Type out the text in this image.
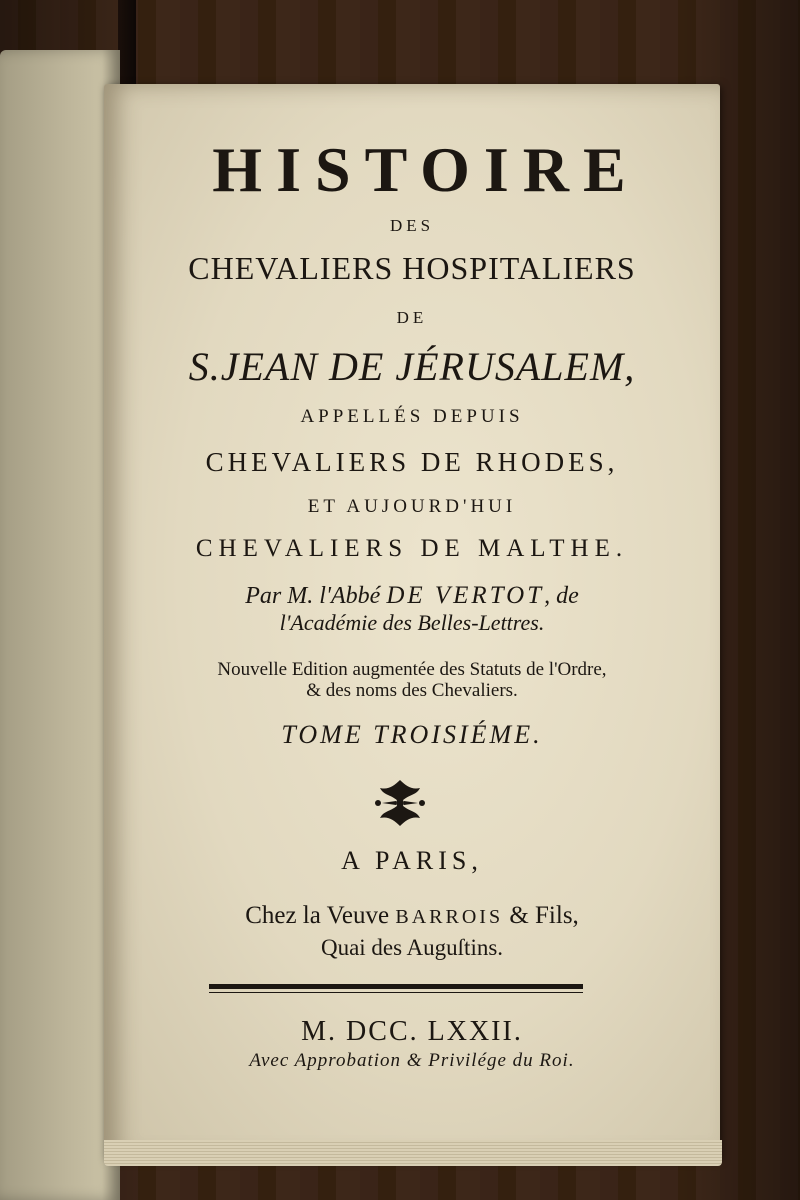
HISTOIRE

DES

CHEVALIERS HOSPITALIERS

DE

S.JEAN DE JÉRUSALEM,

APPELLÉS DEPUIS

CHEVALIERS DE RHODES,

ET AUJOURD'HUI

CHEVALIERS DE MALTHE.

Par M. l'Abbé DE VERTOT, de

l'Académie des Belles-Lettres.

Nouvelle Edition augmentée des Statuts de l'Ordre,

& des noms des Chevaliers.

TOME TROISIÉME.

A PARIS,

Chez la Veuve BARROIS & Fils,

Quai des Auguſtins.

M. DCC. LXXII.

Avec Approbation & Privilége du Roi.
